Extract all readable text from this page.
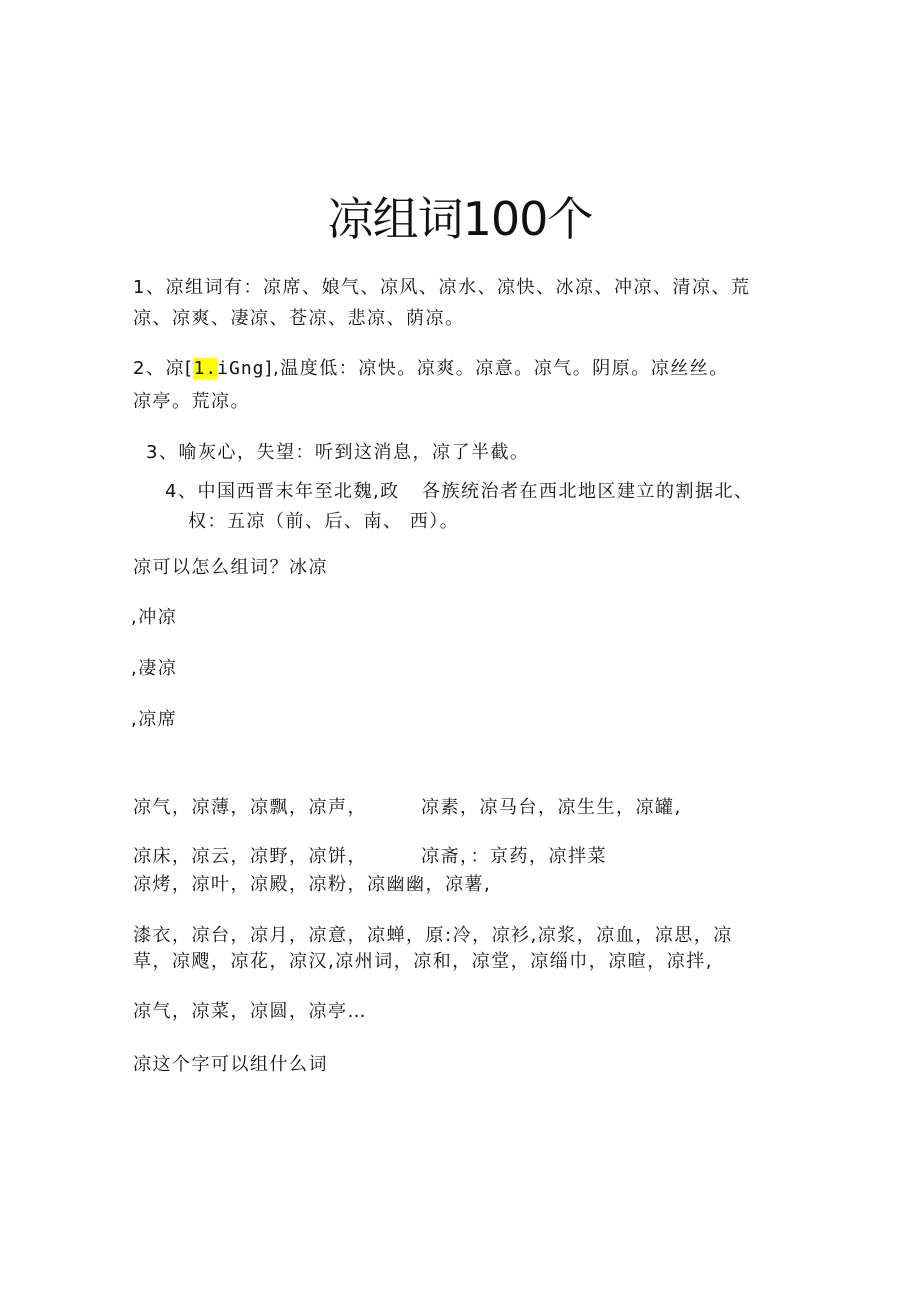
凉组词100个
1、凉组词有：凉席、娘气、凉风、凉水、凉快、冰凉、冲凉、清凉、荒
凉、凉爽、凄凉、苍凉、悲凉、荫凉。
2、凉[1.iGng],温度低：凉快。凉爽。凉意。凉气。阴原。凉丝丝。
凉亭。荒凉。
3、喻灰心，失望：听到这消息，凉了半截。
4、中国西晋末年至北魏,政 各族统治者在西北地区建立的割据北、
权：五凉（前、后、南、 西）。
凉可以怎么组词？冰凉
,冲凉
,凄凉
,凉席
凉气，凉薄，凉飘，凉声，	凉素，凉马台，凉生生，凉罐,
凉床，凉云，凉野，凉饼，	凉斋，：京药，凉拌菜
凉烤，凉叶，凉殿，凉粉，凉幽幽，凉薯,
漆衣，凉台，凉月，凉意，凉蝉，原:冷，凉衫,凉浆，凉血，凉思，凉
草，凉飕，凉花，凉汉,凉州词，凉和，凉堂，凉缁巾，凉暄，凉拌,
凉气，凉菜，凉圆，凉亭…
凉这个字可以组什么词
